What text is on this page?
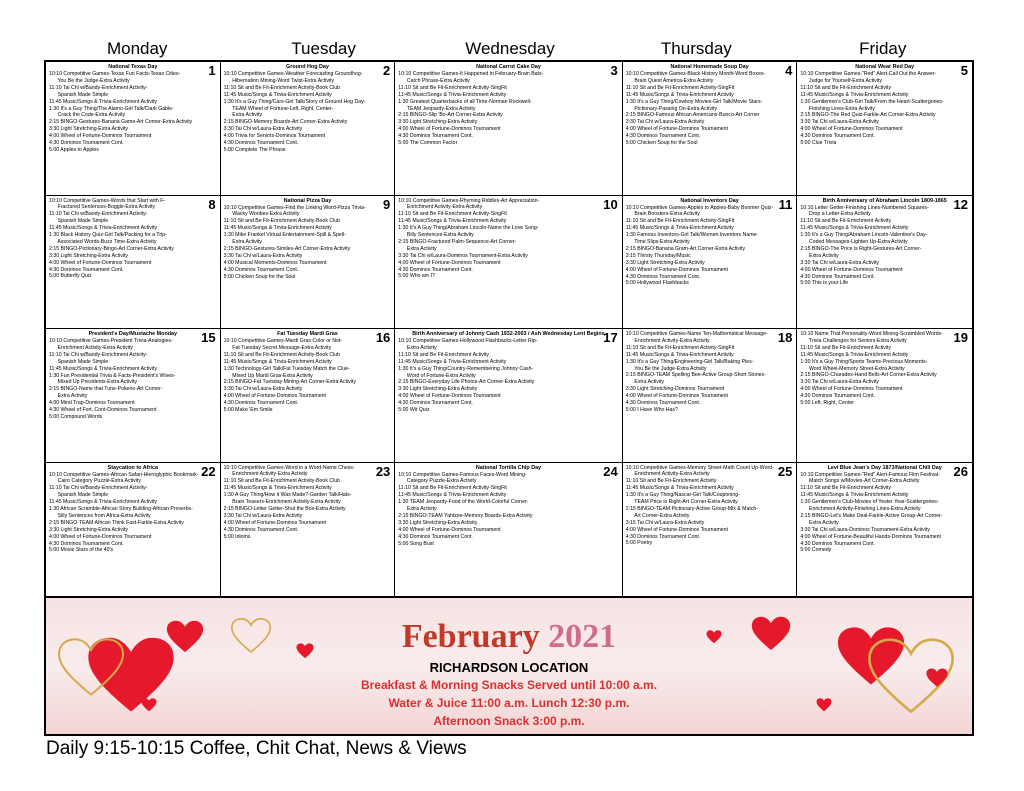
Monday	Tuesday	Wednesday	Thursday	Friday
1
National Texas Day
10:10 Competitive Games-Texas Fun Facts-Texas Cities-
You Be the Judge-Extra Activity
11:10 Tai Chi w/Bandy-Enrichment Activity-
Spanish Made Simple
11:45 Music/Songs & Trivia-Enrichment Activity
1:30 It's a Guy Thing/The Alamo-Girl Talk/Clark Gable-
Crack the Code-Extra Activity
2:15 BINGO-Gestures-Banana Game-Art Corner-Extra Activity
3:30 Light Stretching-Extra Activity
4:00 Wheel of Fortune-Dominos Tournament
4:30 Dominos Tournament Cont.
5:00 Apples to Apples
2
Ground Hog Day
10:10 Competitive Games-Weather Forecasting Groundhog-
Hibernation Mining-Word Twist-Extra Activity
11:10 Sit and Be Fit-Enrichment Activity-Book Club
11:45 Music/Songs & Trivia-Enrichment Activity
1:30 It's a Guy Thing/Cars-Girl Talk/Story of Ground Hog Day-
TEAM Wheel of Fortune-Left, Right, Center-
Extra Activity
2:15 BINGO-Memory Boards-Art Corner-Extra Activity
3:30 Tai Chi w/Laura-Extra Activity
4:00 Trivia for Seniors-Dominos Tournament
4:30 Dominos Tournament Cont.
5:00 Complete The Phrase
3
National Carrot Cake Day
10:10 Competitive Games-It Happened in February-Brain Bats-
Catch Phrase-Extra Activity
11:10 Sit and Be Fit-Enrichment Activity-SingFit
11:45 Music/Songs & Trivia-Enrichment Activity
1:30 Greatest Quarterbacks of all Time-Norman Rockwell-
TEAM Jeopardy-Extra Activity
2:15 BINGO-Slip 'Bo-Art Corner-Extra Activity
3:30 Light Stretching-Extra Activity
4:00 Wheel of Fortune-Dominos Tournament
4:30 Dominos Tournament Cont.
5:00 The Common Factor
4
National Homemade Soup Day
10:10 Competitive Games-Black History Month-Word Boxes-
Brain Quest America-Extra Activity
11:10 Sit and Be Fit-Enrichment Activity-SingFit
11:45 Music/Songs & Trivia-Enrichment Activity
1:30 It's a Guy Thing/Cowboy Movies-Girl Talk/Movie Stars-
Pictionary-Passing On-Extra Activity
2:15 BINGO-Famous African Americans-Bunco-Art Corner
3:30 Tai Chi w/Laura-Extra Activity
4:00 Wheel of Fortune-Dominos Tournament
4:30 Dominos Tournament Cont.
5:00 Chicken Soup for the Soul
5
National Wear Red Day
10:10 Competitive Games-"Red" Alert-Call Out the Answer-
Judge for Yourself-Extra Activity
11:10 Sit and Be Fit-Enrichment Activity
11:45 Music/Songs & Trivia-Enrichment Activity
1:30 Gentlemen's Club-Girl Talk/From the Heart-Scattergories-
Finishing Lines-Extra Activity
2:15 BINGO-The Red Quiz-Farkle-Art Corner-Extra Activity
3:30 Tai Chi w/Laura-Extra Activity
4:00 Wheel of Fortune-Dominos Tournament
4:30 Dominos Tournament Cont.
5:00 Clue Trivia
8
10:10 Competitive Games-Words that Start with F-
Fractured Sentences-Boggle-Extra Activity
11:10 Tai Chi w/Bandy-Enrichment Activity-
Spanish Made Simple
11:45 Music/Songs & Trivia-Enrichment Activity
1:30 Black History Quiz-Girl Talk/Packing for a Trip-
Associated Words-Buzz Time-Extra Activity
2:15 BINGO-Pictionary-Bingo-Art Corner-Extra Activity
3:30 Light Stretching-Extra Activity
4:00 Wheel of Fortune-Dominos Tournament
4:30 Dominos Tournament Cont.
5:00 Butterfly Quiz
9
National Pizza Day
10:10 Competitive Games-Find the Linking Word-Pizza Trivia-
Wacky Wordies-Extra Activity
11:10 Sit and Be Fit-Enrichment Activity-Book Club
11:45 Music/Songs & Trivia-Enrichment Activity
1:30 Mike Frankel Virtual Entertainment-Spill & Spell-
Extra Activity
2:15 BINGO-Gestures-Similes-Art Corner-Extra Activity
3:30 Tai Chi w/Laura-Extra Activity
4:00 Musical Moments-Dominos Tournament
4:30 Dominos Tournament Cont.
5:00 Chicken Soup for the Soul
10
10:10 Competitive Games-Rhyming Riddles-Art Appreciation-
Enrichment Activity-Extra Activity
11:10 Sit and Be Fit-Enrichment Activity-SingFit
11:45 Music/Songs & Trivia-Enrichment Activity
1:30 It's A Guy Thing/Abraham Lincoln-Name the Love Song-
Billy Sentences-Extra Activity
2:15 BINGO-Fractured Palm-Sequence-Art Corner-
Extra Activity
3:30 Tai Chi w/Laura-Dominos Tournament-Extra Activity
4:00 Wheel of Fortune-Dominos Tournament
4:30 Dominos Tournament Cont.
5:00 Who am I?
11
National Inventors Day
10:10 Competitive Games-Apples to Apples-Baby Boomer Quiz-
Brain Boosters-Extra Activity
11:10 Sit and Be Fit-Enrichment Activity-SingFit
11:45 Music/Songs & Trivia-Enrichment Activity
1:30 Famous Inventors-Girl Talk/Women Inventors Name-
Time Slips-Extra Activity
2:15 BINGO-Banana Gram-Art Corner-Extra Activity
3:15 Thirsty Thursday/Music
3:30 Light Stretching-Extra Activity
4:00 Wheel of Fortune-Dominos Tournament
4:30 Dominos Tournament Cont.
5:00 Hollywood Flashbacks
12
Birth Anniversary of Abraham Lincoln 1809-1865
10:10 Letter Getter-Finishing Lines-Numbered Squares-
Drop a Letter-Extra Activity
11:10 Sit and Be Fit-Enrichment Activity
11:45 Music/Songs & Trivia-Enrichment Activity
1:30 It's a Guy Thing/Abraham Lincoln-Valentine's Day-
Coded Messages-Lighten Up-Extra Activity
2:15 BINGO-The Price is Right-Gestures-Art Corner-
Extra Activity
3:30 Tai Chi w/Laura-Extra Activity
4:00 Wheel of Fortune-Dominos Tournament
4:30 Dominos Tournament Cont.
5:00 This is your Life
15
President's Day/Mustache Monday
10:10 Competitive Games-President Trivia-Analogies-
Enrichment Activity-Extra Activity
11:10 Tai Chi w/Bandy-Enrichment Activity-
Spanish Made Simple
11:45 Music/Songs & Trivia-Enrichment Activity
1:30 Fun Presidential Trivia & Facts-President's Wives-
Mixed Up Presidents-Extra Activity
2:15 BINGO-Name that Tune-Pokeno-Art Corner-
Extra Activity
4:00 Mind Trap-Dominos Tournament
4:30 Wheel of Fort. Cont-Dominos Tournament
5:00 Compound Words
16
Fat Tuesday Mardi Gras
10:10 Competitive Games-Mardi Gras Color or Not-
Fat Tuesday Secret Message-Extra Activity
11:10 Sit and Be Fit-Enrichment Activity-Book Club
11:45 Music/Songs & Trivia-Enrichment Activity
1:30 Technology-Girl Talk/Fat Tuesday Match the Clue-
Mixed Up Mardi Gras-Extra Activity
2:15 BINGO-Fat Tuesday Mining-Art Corner-Extra Activity
3:30 Tai Chi w/Laura-Extra Activity
4:00 Wheel of Fortune-Dominos Tournament
4:30 Dominos Tournament Cont.
5:00 Make 'Em Smile
17
Birth Anniversary of Johnny Cash 1932-2003 / Ash Wednesday Lent Begins
10:10 Competitive Games-Hollywood Flashbacks-Letter Rip-
Extra Activity
11:10 Sit and Be Fit-Enrichment Activity
11:45 Music/Songs & Trivia-Enrichment Activity
1:30 It's a Guy Thing/Country-Remembering Johnny Cash-
Word of Fortune-Extra Activity
2:15 BINGO-Everyday Life Photos-Art Corner-Extra Activity
3:30 Light Stretching-Extra Activity
4:00 Wheel of Fortune-Dominos Tournament
4:30 Dominos Tournament Cont.
5:00 Wit Quiz
18
10:10 Competitive Games-Name Ten-Mathematical Message-
Enrichment Activity-Extra Activity
11:10 Sit and Be Fit-Enrichment Activity-SingFit
11:45 Music/Songs & Trivia-Enrichment Activity
1:30 It's a Guy Thing/Engineering-Girl Talk/Baking Pies-
You Be the Judge-Extra Activity
2:15 BINGO-TEAM Spelling Bee-Active Group-Short Stories-
Extra Activity
3:30 Light Stretching-Dominos Tournament
4:00 Wheel of Fortune-Dominos Tournament
4:30 Dominos Tournament Cont.
5:00 I Have Who Has?
19
10:10 Name That Personality-Word Mining-Scrambled Words-
Trivia Challenges for Seniors-Extra Activity
11:10 Sit and Be Fit-Enrichment Activity
11:45 Music/Songs & Trivia-Enrichment Activity
1:30 It's a Guy Thing/Sports Teams-Precious Moments-
Word Wheel-Memory Street-Extra Activity
2:15 BINGO-Charades-Hand Bells-Art Corner-Extra Activity
3:30 Tai Chi w/Laura-Extra Activity
4:00 Wheel of Fortune-Dominos Tournament
4:30 Dominos Tournament Cont.
5:00 Left, Right, Center
22
Staycation to Africa
10:10 Competitive Games-African Safari-Hieroglyphic Bookmark-
Cairo Category Puzzle-Extra Activity
11:10 Tai Chi w/Bandy-Enrichment Activity-
Spanish Made Simple
11:45 Music/Songs & Trivia-Enrichment Activity
1:30 African Scramble-African Story Building-African Proverbs-
Silly Sentences from Africa-Extra Activity
2:15 BINGO-TEAM African Think Fast-Farkle-Extra Activity
3:30 Light Stretching-Extra Activity
4:00 Wheel of Fortune-Dominos Tournament
4:30 Dominos Tournament Cont.
5:00 Movie Stars of the 40's
23
10:10 Competitive Games-Word in a Word-Name Chess-
Enrichment Activity-Extra Activity
11:10 Sit and Be Fit-Enrichment Activity-Book Club
11:45 Music/Songs & Trivia-Enrichment Activity
1:30 A Guy Thing/How it Was Made?-Garden Talk/Hats-
Brain Teasers-Enrichment Activity-Extra Activity
2:15 BINGO-Letter Getter-Shut the Box-Extra Activity
3:30 Tai Chi w/Laura-Extra Activity
4:00 Wheel of Fortune-Dominos Tournament
4:30 Dominos Tournament Cont.
5:00 Idioms
24
National Tortilla Chip Day
10:10 Competitive Games-Famous Faces-Word Mining-
Category Puzzle-Extra Activity
11:10 Sit and Be Fit-Enrichment Activity-SingFit
11:45 Music/Songs & Trivia-Enrichment Activity
1:30 TEAM Jeopardy-Food of the World-Colorful Corner-
Extra Activity
2:15 BINGO-TEAM Yahtzee-Memory Boards-Extra Activity
3:30 Light Stretching-Extra Activity
4:00 Wheel of Fortune-Dominos Tournament
4:30 Dominos Tournament Cont.
5:00 Song Bust
25
10:10 Competitive Games-Memory Street-Math Count Up-Word-
Enrichment Activity-Extra Activity
11:10 Sit and Be Fit-Enrichment Activity
11:45 Music/Songs & Trivia-Enrichment Activity
1:30 It's a Guy Thing/Nascar-Girl Talk/Couponing-
TEAM Price is Right-Art Corner-Extra Activity
2:15 BINGO-TEAM Pictionary-Active Group-Mix & Match-
Art Corner-Extra Activity
3:15 Tai Chi w/Laura-Extra Activity
4:00 Wheel of Fortune-Dominos Tournament
4:30 Dominos Tournament Cont.
5:00 Poetry
26
Levi Blue Jean's Day 1873/National Chili Day
10:10 Competitive Games-"Red" Alert-Famous Film Festival-
Match Songs w/Movies-Art Corner-Extra Activity
11:10 Sit and Be Fit-Enrichment Activity
11:45 Music/Songs & Trivia-Enrichment Activity
1:30 Gentlemen's Club-Movies of Yester Year-Scattergories-
Enrichment Activity-Finishing Lines-Extra Activity
2:15 BINGO-Let's Make Deal-Farkle-Active Group-Art Corner-
Extra Activity
3:30 Tai Chi w/Laura-Dominos Tournament-Extra Activity
4:00 Wheel of Fortune-Beautiful Hands-Dominos Tournament
4:30 Dominos Tournament Cont.
5:00 Comedy
February 2021
RICHARDSON LOCATION
Breakfast & Morning Snacks Served until 10:00 a.m.
Water & Juice 11:00 a.m. Lunch 12:30 p.m.
Afternoon Snack 3:00 p.m.
Daily 9:15-10:15 Coffee, Chit Chat, News & Views
